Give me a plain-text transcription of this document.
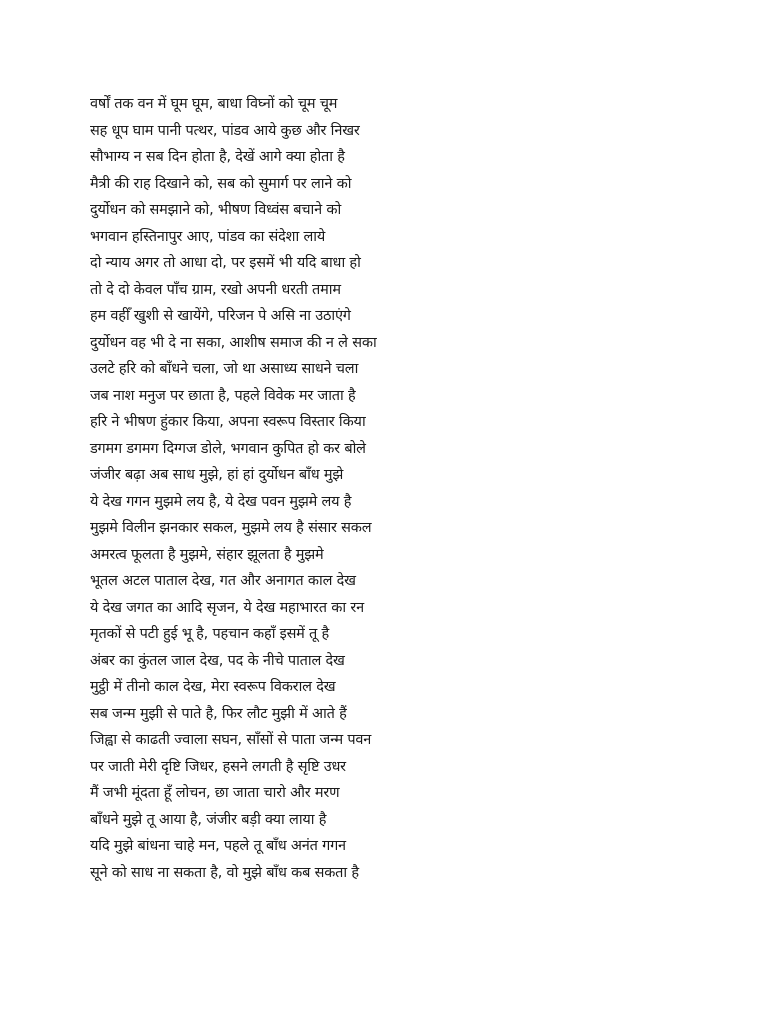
वर्षों तक वन में घूम घूम, बाधा विघ्नों को चूम चूम
सह धूप घाम पानी पत्थर, पांडव आये कुछ और निखर
सौभाग्य न सब दिन होता है, देखें आगे क्या होता है
मैत्री की राह दिखाने को, सब को सुमार्ग पर लाने को
दुर्योधन को समझाने को, भीषण विध्वंस बचाने को
भगवान हस्तिनापुर आए, पांडव का संदेशा लाये
दो न्याय अगर तो आधा दो, पर इसमें भी यदि बाधा हो
तो दे दो केवल पाँच ग्राम, रखो अपनी धरती तमाम
हम वहीँ खुशी से खायेंगे, परिजन पे असि ना उठाएंगे
दुर्योधन वह भी दे ना सका, आशीष समाज की न ले सका
उलटे हरि को बाँधने चला, जो था असाध्य साधने चला
जब नाश मनुज पर छाता है, पहले विवेक मर जाता है
हरि ने भीषण हुंकार किया, अपना स्वरूप विस्तार किया
डगमग डगमग दिग्गज डोले, भगवान कुपित हो कर बोले
जंजीर बढ़ा अब साध मुझे, हां हां दुर्योधन बाँध मुझे
ये देख गगन मुझमे लय है, ये देख पवन मुझमे लय है
मुझमे विलीन झनकार सकल, मुझमे लय है संसार सकल
अमरत्व फूलता है मुझमे, संहार झूलता है मुझमे
भूतल अटल पाताल देख, गत और अनागत काल देख
ये देख जगत का आदि सृजन, ये देख महाभारत का रन
मृतकों से पटी हुई भू है, पहचान कहाँ इसमें तू है
अंबर का कुंतल जाल देख, पद के नीचे पाताल देख
मुट्ठी में तीनो काल देख, मेरा स्वरूप विकराल देख
सब जन्म मुझी से पाते है, फिर लौट मुझी में आते हैं
जिह्वा से काढती ज्वाला सघन, साँसों से पाता जन्म पवन
पर जाती मेरी दृष्टि जिधर, हसने लगती है सृष्टि उधर
मैं जभी मूंदता हूँ लोचन, छा जाता चारो और मरण
बाँधने मुझे तू आया है, जंजीर बड़ी क्या लाया है
यदि मुझे बांधना चाहे मन, पहले तू बाँध अनंत गगन
सूने को साध ना सकता है, वो मुझे बाँध कब सकता है
